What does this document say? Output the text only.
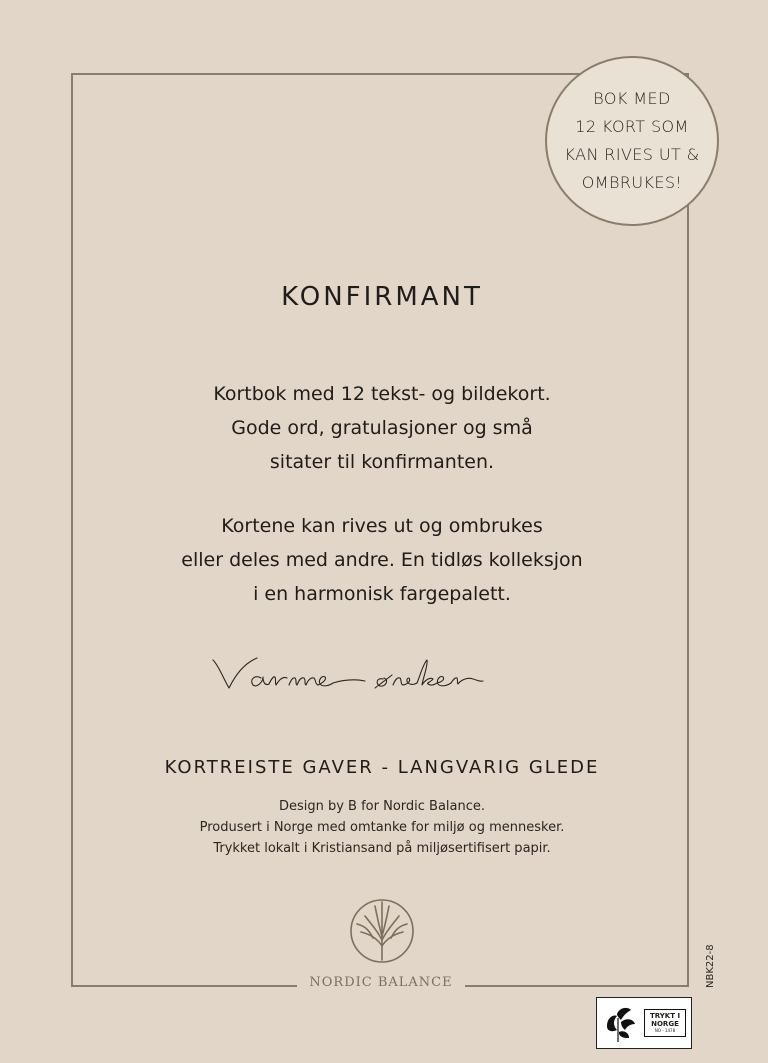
BOK MED
12 KORT SOM
KAN RIVES UT &
OMBRUKES!
KONFIRMANT
Kortbok med 12 tekst- og bildekort.
Gode ord, gratulasjoner og små
sitater til konfirmanten.
Kortene kan rives ut og ombrukes
eller deles med andre. En tidløs kolleksjon
i en harmonisk fargepalett.
KORTREISTE GAVER - LANGVARIG GLEDE
Design by B for Nordic Balance.
Produsert i Norge med omtanke for miljø og mennesker.
Trykket lokalt i Kristiansand på miljøsertifisert papir.
NORDIC BALANCE	NBK22-8
TRYKT I
NORGE
NO - 1478
